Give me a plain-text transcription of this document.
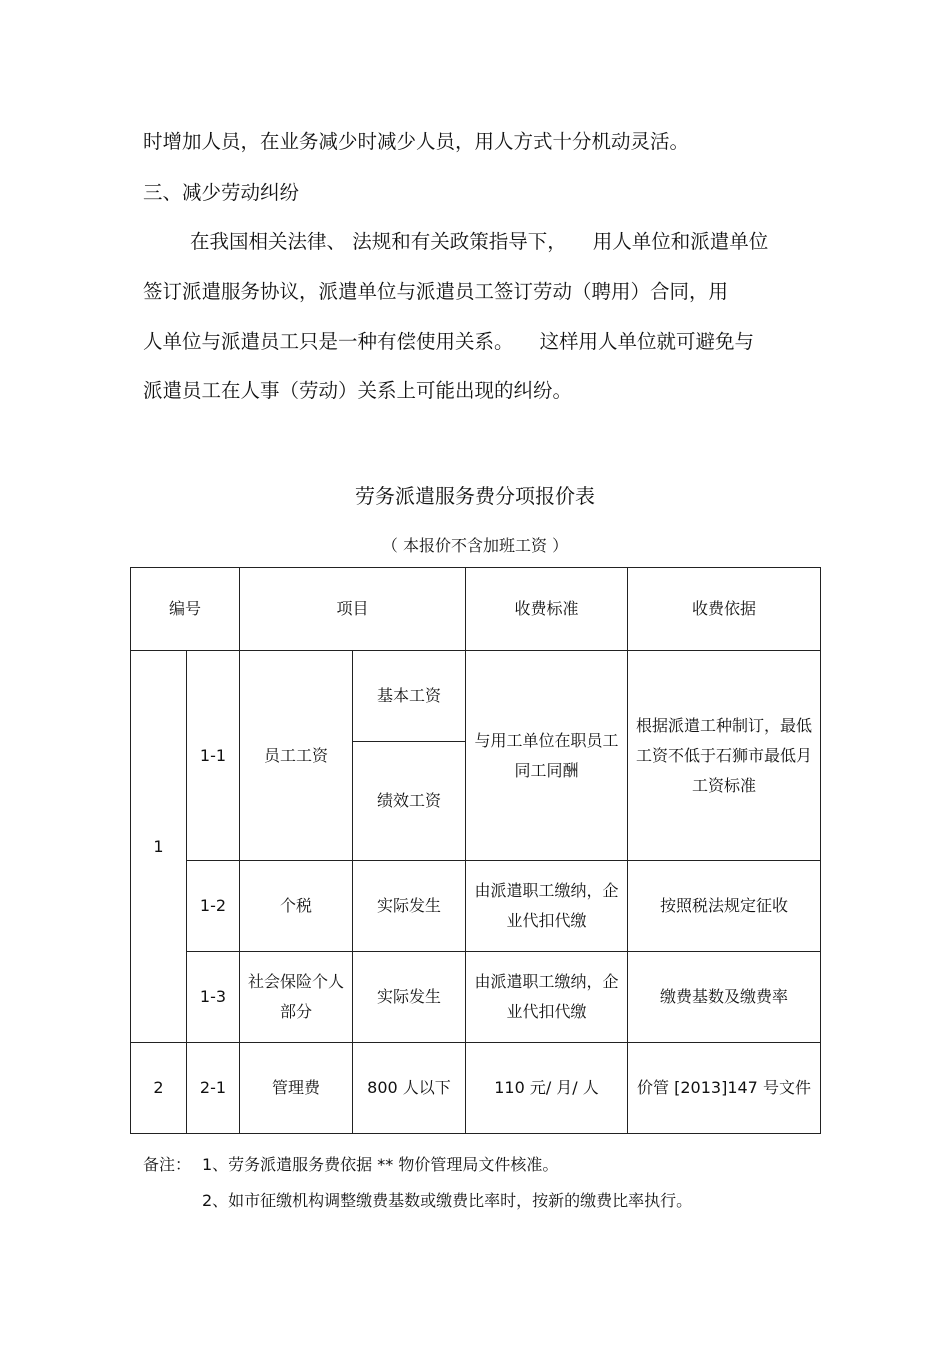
时增加人员，在业务减少时减少人员，用人方式十分机动灵活。
三、减少劳动纠纷
在我国相关法律、 法规和有关政策指导下， 用人单位和派遣单位
签订派遣服务协议，派遣单位与派遣员工签订劳动（聘用）合同，用
人单位与派遣员工只是一种有偿使用关系。 这样用人单位就可避免与
派遣员工在人事（劳动）关系上可能出现的纠纷。
劳务派遣服务费分项报价表
（ 本报价不含加班工资 ）
编号		项目		收费标准	收费依据
1	1-1	员工工资	基本工资	与用工单位在职员工同工同酬	根据派遣工种制订，最低工资不低于石狮市最低月工资标准
			绩效工资		
	1-2	个税	实际发生	由派遣职工缴纳，企业代扣代缴	按照税法规定征收
	1-3	社会保险个人部分	实际发生	由派遣职工缴纳，企业代扣代缴	缴费基数及缴费率
2	2-1	管理费	800 人以下	110 元/ 月/ 人	价管 [2013]147 号文件
备注： 1、劳务派遣服务费依据 ** 物价管理局文件核准。
2、如市征缴机构调整缴费基数或缴费比率时，按新的缴费比率执行。
